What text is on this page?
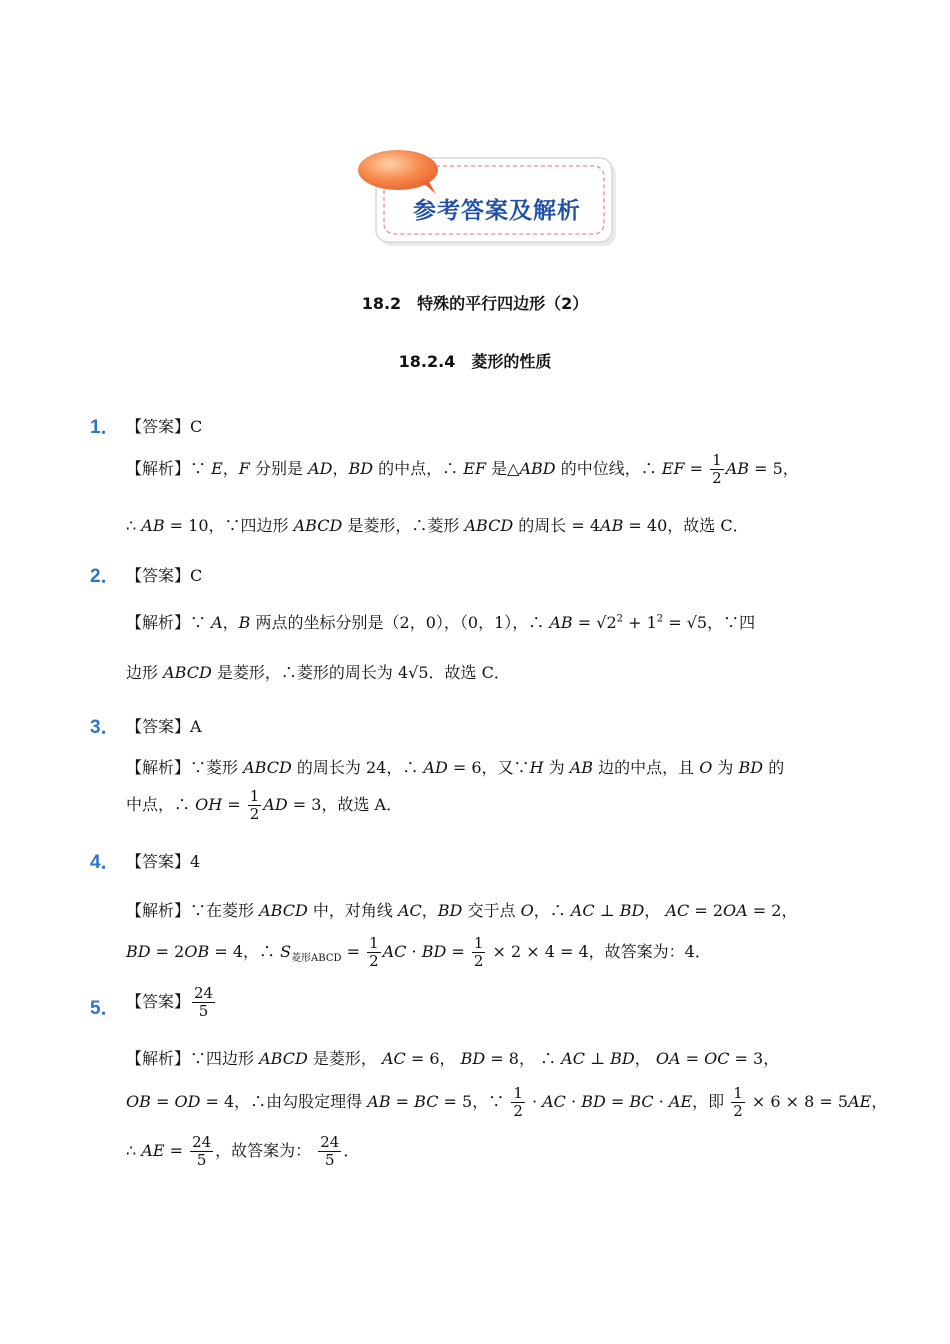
参考答案及解析
18.2　特殊的平行四边形（2）
18.2.4　菱形的性质
1． 【答案】C
【解析】∵ E，F 分别是 AD，BD 的中点，∴ EF 是△ABD 的中位线，∴ EF = $\frac{1}{2}$ AB = 5，
∴ AB = 10，∵四边形 ABCD 是菱形，∴菱形 ABCD 的周长 = 4AB = 40，故选 C．
2． 【答案】C
【解析】∵ A，B 两点的坐标分别是（2，0），（0，1），∴ AB = $√2^2 + 1^2 = √5$，∵四
边形 ABCD 是菱形，∴菱形的周长为 4√5．故选 C．
3． 【答案】A
【解析】∵菱形 ABCD 的周长为 24，∴ AD = 6，又∵H 为 AB 边的中点，且 O 为 BD 的
中点，∴ OH = $\frac{1}{2}$ AD = 3，故选 A．
4． 【答案】4
【解析】∵在菱形 ABCD 中，对角线 AC，BD 交于点 O，∴ AC ⊥ BD， AC = 2OA = 2，
BD = 2OB = 4，∴ $S_{菱形ABCD} = \frac{1}{2}$ AC · BD = $\frac{1}{2} \times 2 \times 4 = 4$，故答案为：4．
5． 【答案】 $\frac{24}{5}$
【解析】∵四边形 ABCD 是菱形， AC = 6， BD = 8， ∴ AC ⊥ BD， OA = OC = 3，
OB = OD = 4，∴由勾股定理得 AB = BC = 5，∵ $\frac{1}{2}$ · AC · BD = BC · AE，即 $\frac{1}{2} \times 6 \times 8 = 5AE$，
∴ AE = $\frac{24}{5}$ ，故答案为： $\frac{24}{5}$ ．
